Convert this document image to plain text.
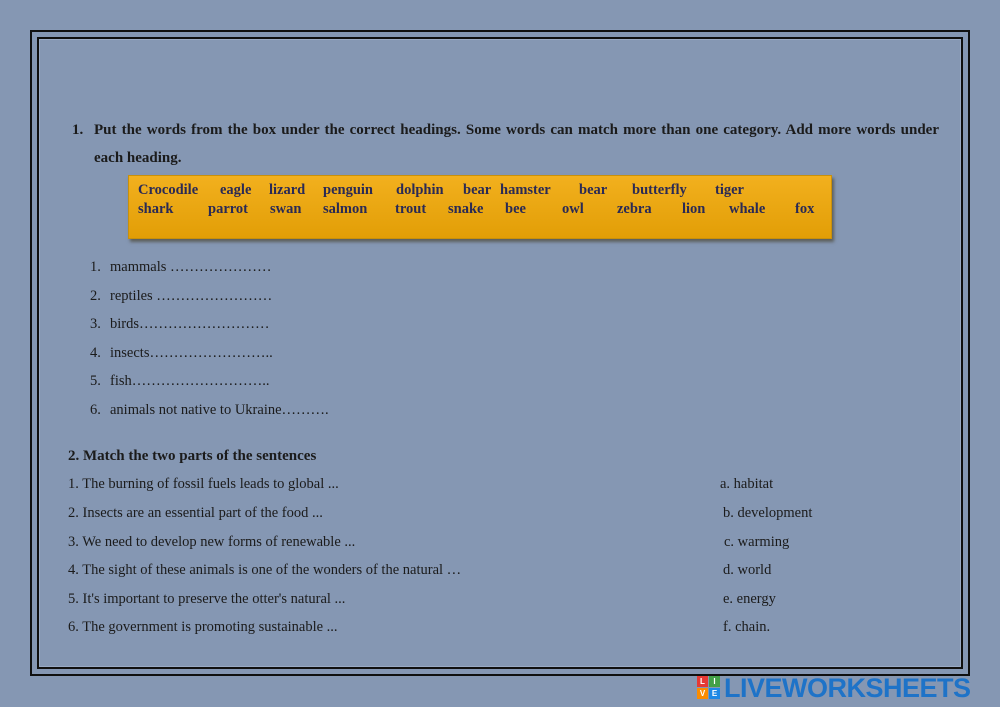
1. Put the words from the box under the correct headings. Some words can match more than one category. Add more words under each heading.
Crocodile eagle lizard penguin dolphin bear hamster bear butterfly tiger
shark parrot swan salmon trout snake bee owl zebra lion whale fox
1. mammals …………………
2. reptiles ……………………
3. birds………………………
4. insects……………………..
5. fish………………………..
6. animals not native to Ukraine……….
2. Match the two parts of the sentences
1. The burning of fossil fuels leads to global ...
2. Insects are an essential part of the food ...
3. We need to develop new forms of renewable ...
4. The sight of these animals is one of the wonders of the natural …
5. It's important to preserve the otter's natural ...
6. The government is promoting sustainable ...
a. habitat
b. development
c. warming
d. world
e. energy
f. chain.
L	I
V E LIVEWORKSHEETS
